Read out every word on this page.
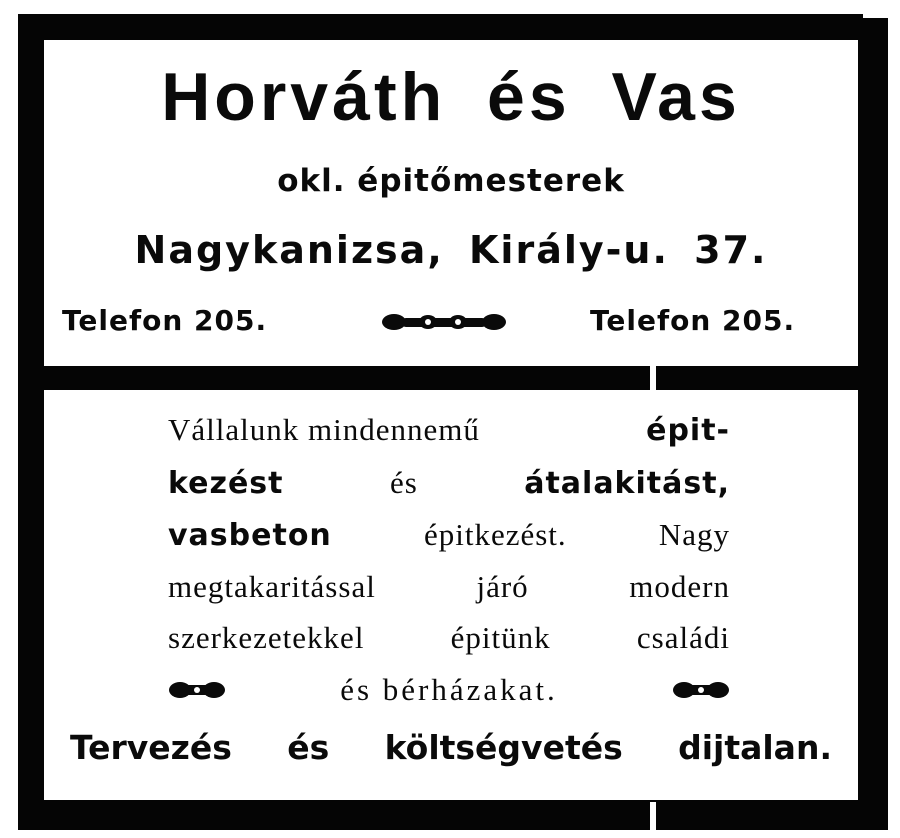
Horváth és Vas
okl. épitőmesterek
Nagykanizsa, Király-u. 37.
Telefon 205.	Telefon 205.
Vállalunk mindennemű	épit-
kezést	és	átalakitást,
vasbeton	épitkezést.	Nagy
megtakaritással	járó	modern
szerkezetekkel	épitünk	családi
és bérházakat.
Tervezés és költségvetés dijtalan.
